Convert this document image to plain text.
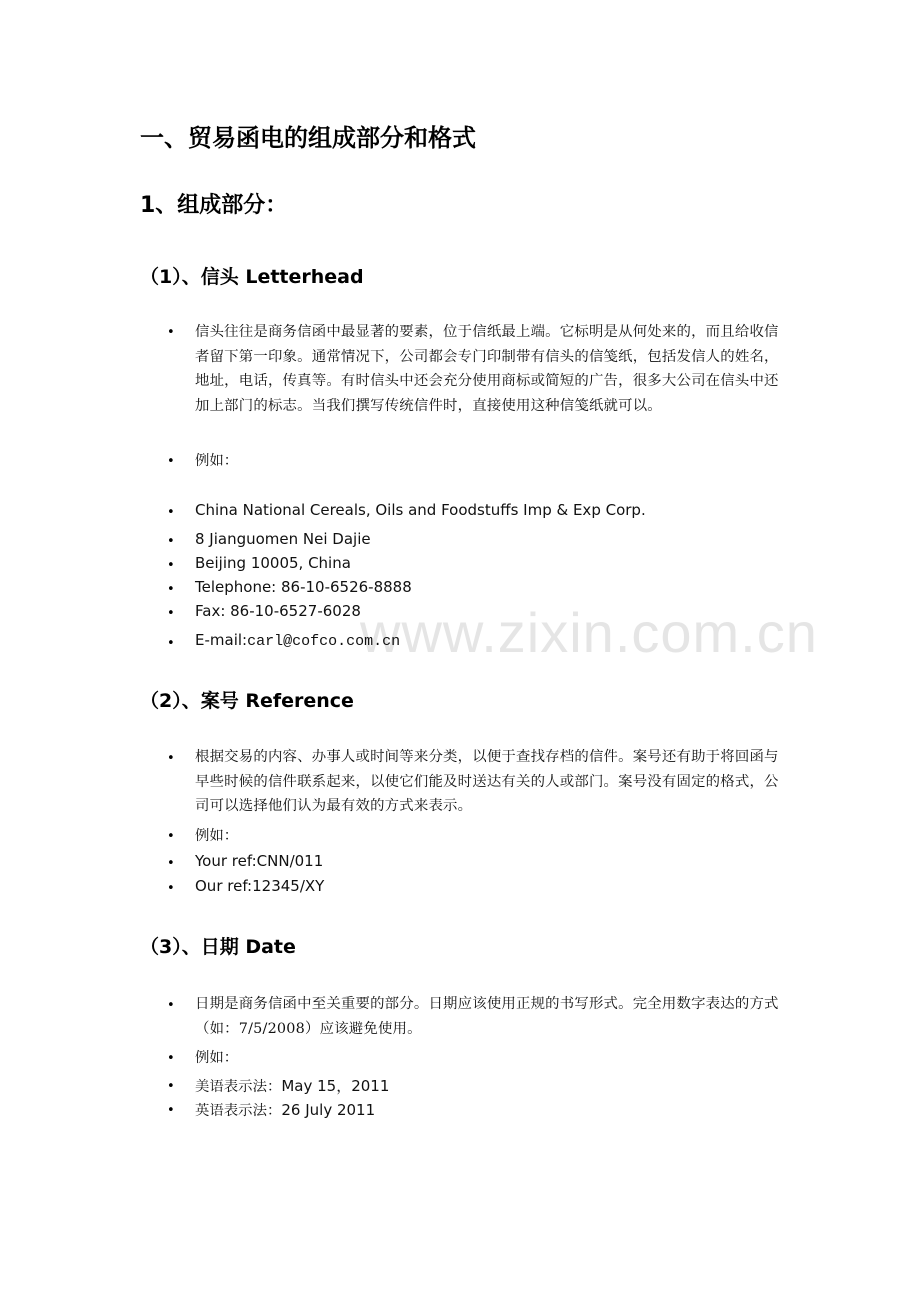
www.zixin.com.cn
一、贸易函电的组成部分和格式
1、组成部分：
（1）、信头 Letterhead
• 信头往往是商务信函中最显著的要素，位于信纸最上端。它标明是从何处来的，而且给收信者留下第一印象。通常情况下，公司都会专门印制带有信头的信笺纸，包括发信人的姓名，地址，电话，传真等。有时信头中还会充分使用商标或简短的广告，很多大公司在信头中还加上部门的标志。当我们撰写传统信件时，直接使用这种信笺纸就可以。
• 例如：
• China National Cereals, Oils and Foodstuffs Imp & Exp Corp.
• 8 Jianguomen Nei Dajie
• Beijing 10005, China
• Telephone: 86-10-6526-8888
• Fax: 86-10-6527-6028
• E-mail:carl@cofco.com.cn
（2）、案号 Reference
• 根据交易的内容、办事人或时间等来分类，以便于查找存档的信件。案号还有助于将回函与早些时候的信件联系起来，以使它们能及时送达有关的人或部门。案号没有固定的格式，公司可以选择他们认为最有效的方式来表示。
• 例如：
• Your ref:CNN/011
• Our ref:12345/XY
（3）、日期 Date
• 日期是商务信函中至关重要的部分。日期应该使用正规的书写形式。完全用数字表达的方式（如：7/5/2008）应该避免使用。
• 例如：
• 美语表示法：May 15，2011
• 英语表示法：26 July 2011
